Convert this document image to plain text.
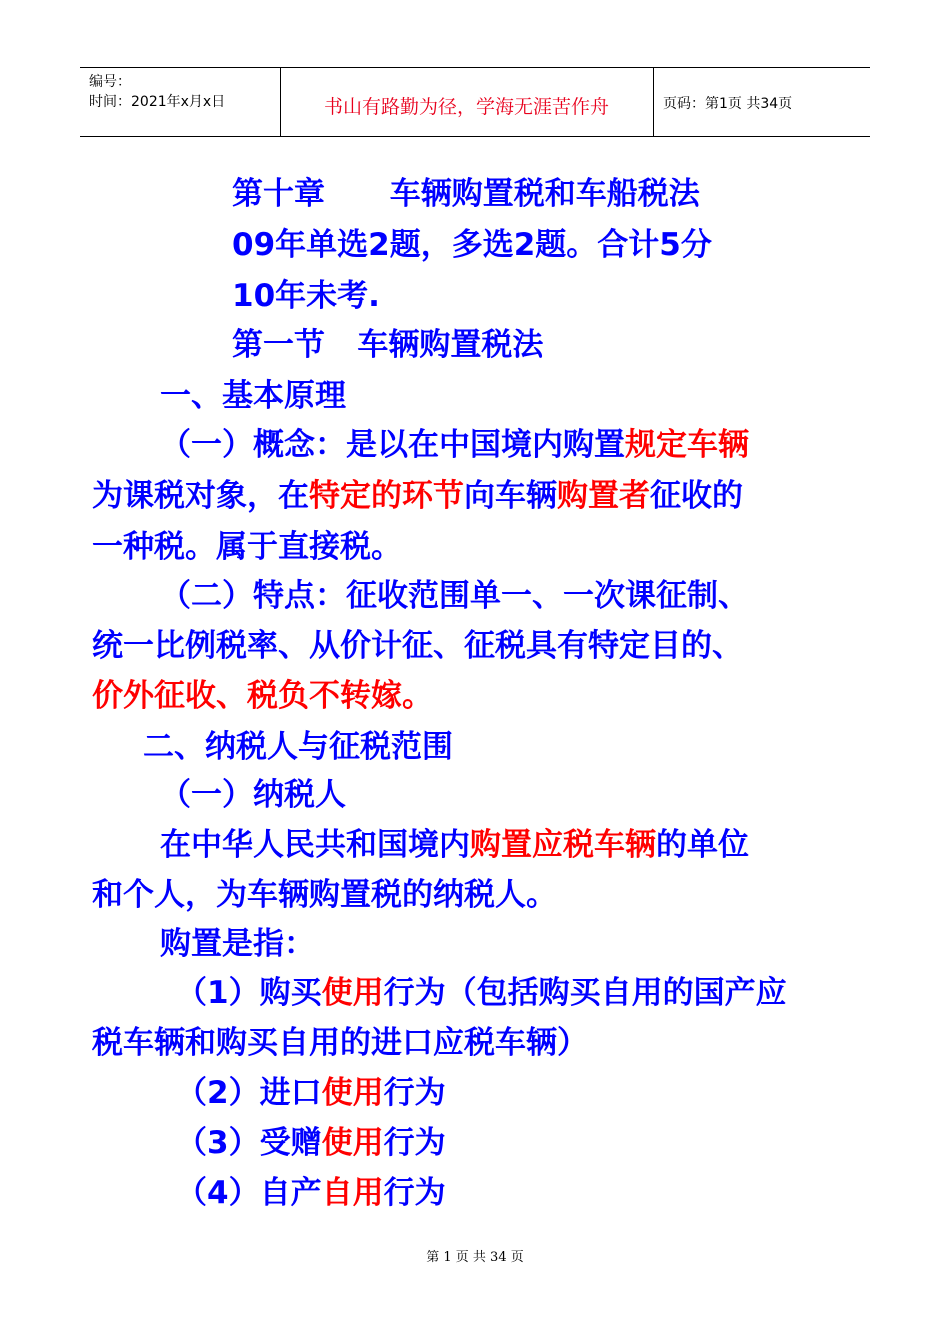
编号：
时间：2021年x月x日	书山有路勤为径，学海无涯苦作舟	页码：第1页 共34页
第十章      车辆购置税和车船税法
09年单选2题，多选2题。合计5分
10年未考.
第一节   车辆购置税法
一、基本原理
（一）概念：是以在中国境内购置规定车辆
为课税对象，在特定的环节向车辆购置者征收的
一种税。属于直接税。
（二）特点：征收范围单一、一次课征制、
统一比例税率、从价计征、征税具有特定目的、
价外征收、税负不转嫁。
二、纳税人与征税范围
（一）纳税人
在中华人民共和国境内购置应税车辆的单位
和个人，为车辆购置税的纳税人。
购置是指：
（1）购买使用行为（包括购买自用的国产应
税车辆和购买自用的进口应税车辆）
（2）进口使用行为
（3）受赠使用行为
（4）自产自用行为
第 1 页 共 34 页
